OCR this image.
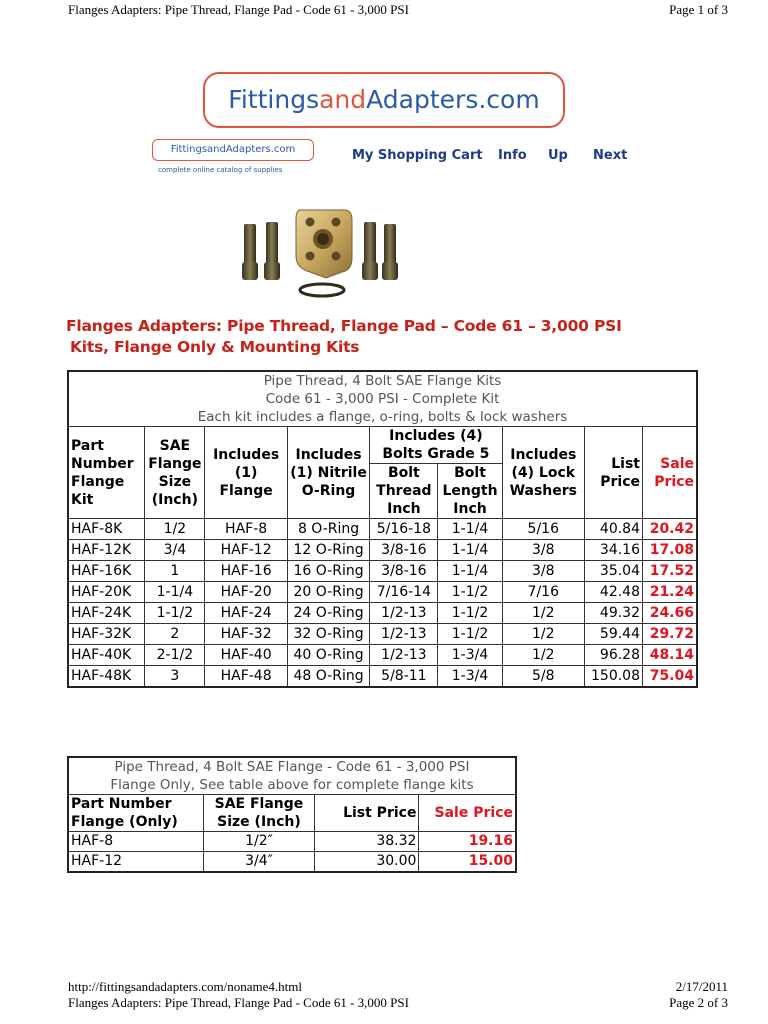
Flanges Adapters: Pipe Thread, Flange Pad - Code 61 - 3,000 PSI	Page 1 of 3
FittingsandAdapters.com
FittingsandAdapters.com
complete online catalog of supplies
My Shopping Cart Info Up Next
Flanges Adapters: Pipe Thread, Flange Pad – Code 61 – 3,000 PSI
Kits, Flange Only & Mounting Kits
Pipe Thread, 4 Bolt SAE Flange Kits
Code 61 - 3,000 PSI - Complete Kit
Each kit includes a flange, o-ring, bolts & lock washers								

Part Number Flange Kit	SAE Flange Size (Inch)	Includes (1) Flange	Includes (1) Nitrile O-Ring	Includes (4) Bolts Grade 5		Includes (4) Lock Washers	List Price	Sale Price
				Bolt Thread Inch	Bolt Length Inch			
HAF-8K	1/2	HAF-8	8 O-Ring	5/16-18	1-1/4	5/16	40.84	20.42
HAF-12K	3/4	HAF-12	12 O-Ring	3/8-16	1-1/4	3/8	34.16	17.08
HAF-16K	1	HAF-16	16 O-Ring	3/8-16	1-1/4	3/8	35.04	17.52
HAF-20K	1-1/4	HAF-20	20 O-Ring	7/16-14	1-1/2	7/16	42.48	21.24
HAF-24K	1-1/2	HAF-24	24 O-Ring	1/2-13	1-1/2	1/2	49.32	24.66
HAF-32K	2	HAF-32	32 O-Ring	1/2-13	1-1/2	1/2	59.44	29.72
HAF-40K	2-1/2	HAF-40	40 O-Ring	1/2-13	1-3/4	1/2	96.28	48.14
HAF-48K	3	HAF-48	48 O-Ring	5/8-11	1-3/4	5/8	150.08	75.04
Pipe Thread, 4 Bolt SAE Flange - Code 61 - 3,000 PSI
Flange Only, See table above for complete flange kits			

Part Number Flange (Only)	SAE Flange Size (Inch)	List Price	Sale Price
HAF-8	1/2″	38.32	19.16
HAF-12	3/4″	30.00	15.00
http://fittingsandadapters.com/noname4.html
Flanges Adapters: Pipe Thread, Flange Pad - Code 61 - 3,000 PSI
2/17/2011
Page 2 of 3
